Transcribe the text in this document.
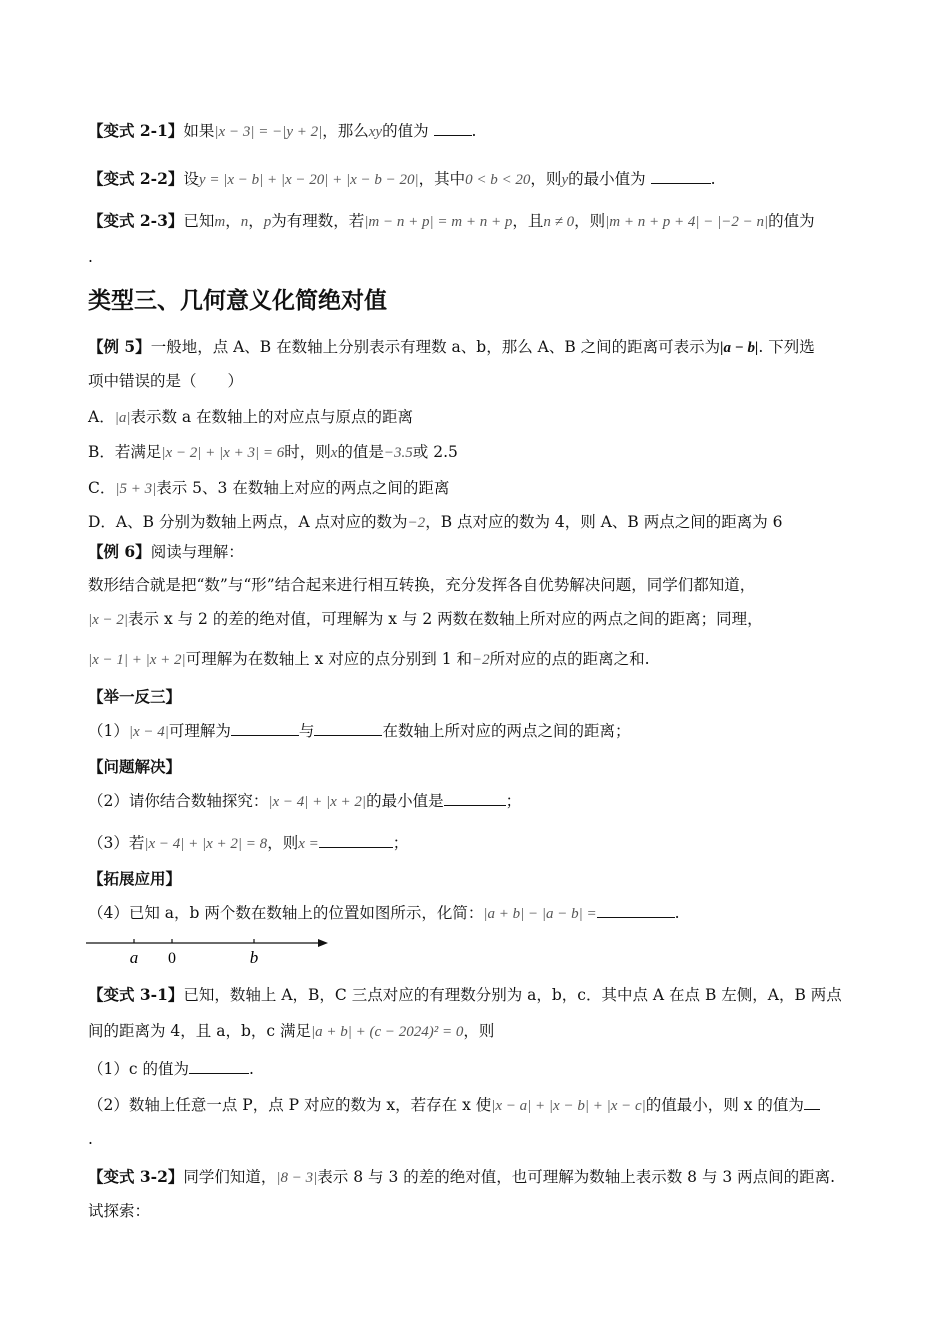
【变式 2-1】如果|x − 3| = −|y + 2|，那么xy的值为	.
【变式 2-2】设y = |x − b| + |x − 20| + |x − b − 20|，其中0 < b < 20，则y的最小值为	.
【变式 2-3】已知m，n，p为有理数，若|m − n + p| = m + n + p，且n ≠ 0，则|m + n + p + 4| − |−2 − n|的值为
.
类型三、几何意义化简绝对值
【例 5】一般地，点 A、B 在数轴上分别表示有理数 a、b，那么 A、B 之间的距离可表示为|a − b|. 下列选
项中错误的是（　　）
A．|a|表示数 a 在数轴上的对应点与原点的距离
B．若满足|x − 2| + |x + 3| = 6时，则x的值是−3.5或 2.5
C．|5 + 3|表示 5、3 在数轴上对应的两点之间的距离
D．A、B 分别为数轴上两点，A 点对应的数为−2，B 点对应的数为 4，则 A、B 两点之间的距离为 6
【例 6】阅读与理解：
数形结合就是把“数”与“形”结合起来进行相互转换，充分发挥各自优势解决问题，同学们都知道，
|x − 2|表示 x 与 2 的差的绝对值，可理解为 x 与 2 两数在数轴上所对应的两点之间的距离；同理，
|x − 1| + |x + 2|可理解为在数轴上 x 对应的点分别到 1 和−2所对应的点的距离之和.
【举一反三】
（1）|x − 4|可理解为	与	在数轴上所对应的两点之间的距离；
【问题解决】
（2）请你结合数轴探究：|x − 4| + |x + 2|的最小值是	；
（3）若|x − 4| + |x + 2| = 8，则x =	；
【拓展应用】
（4）已知 a，b 两个数在数轴上的位置如图所示，化简：|a + b| − |a − b| =	.
a 0	b
【变式 3-1】已知，数轴上 A，B，C 三点对应的有理数分别为 a，b，c．其中点 A 在点 B 左侧，A，B 两点
间的距离为 4，且 a，b，c 满足|a + b| + (c − 2024)² = 0，则
（1）c 的值为	.
（2）数轴上任意一点 P，点 P 对应的数为 x，若存在 x 使|x − a| + |x − b| + |x − c|的值最小，则 x 的值为
.
【变式 3-2】同学们知道，|8 − 3|表示 8 与 3 的差的绝对值，也可理解为数轴上表示数 8 与 3 两点间的距离.
试探索：
